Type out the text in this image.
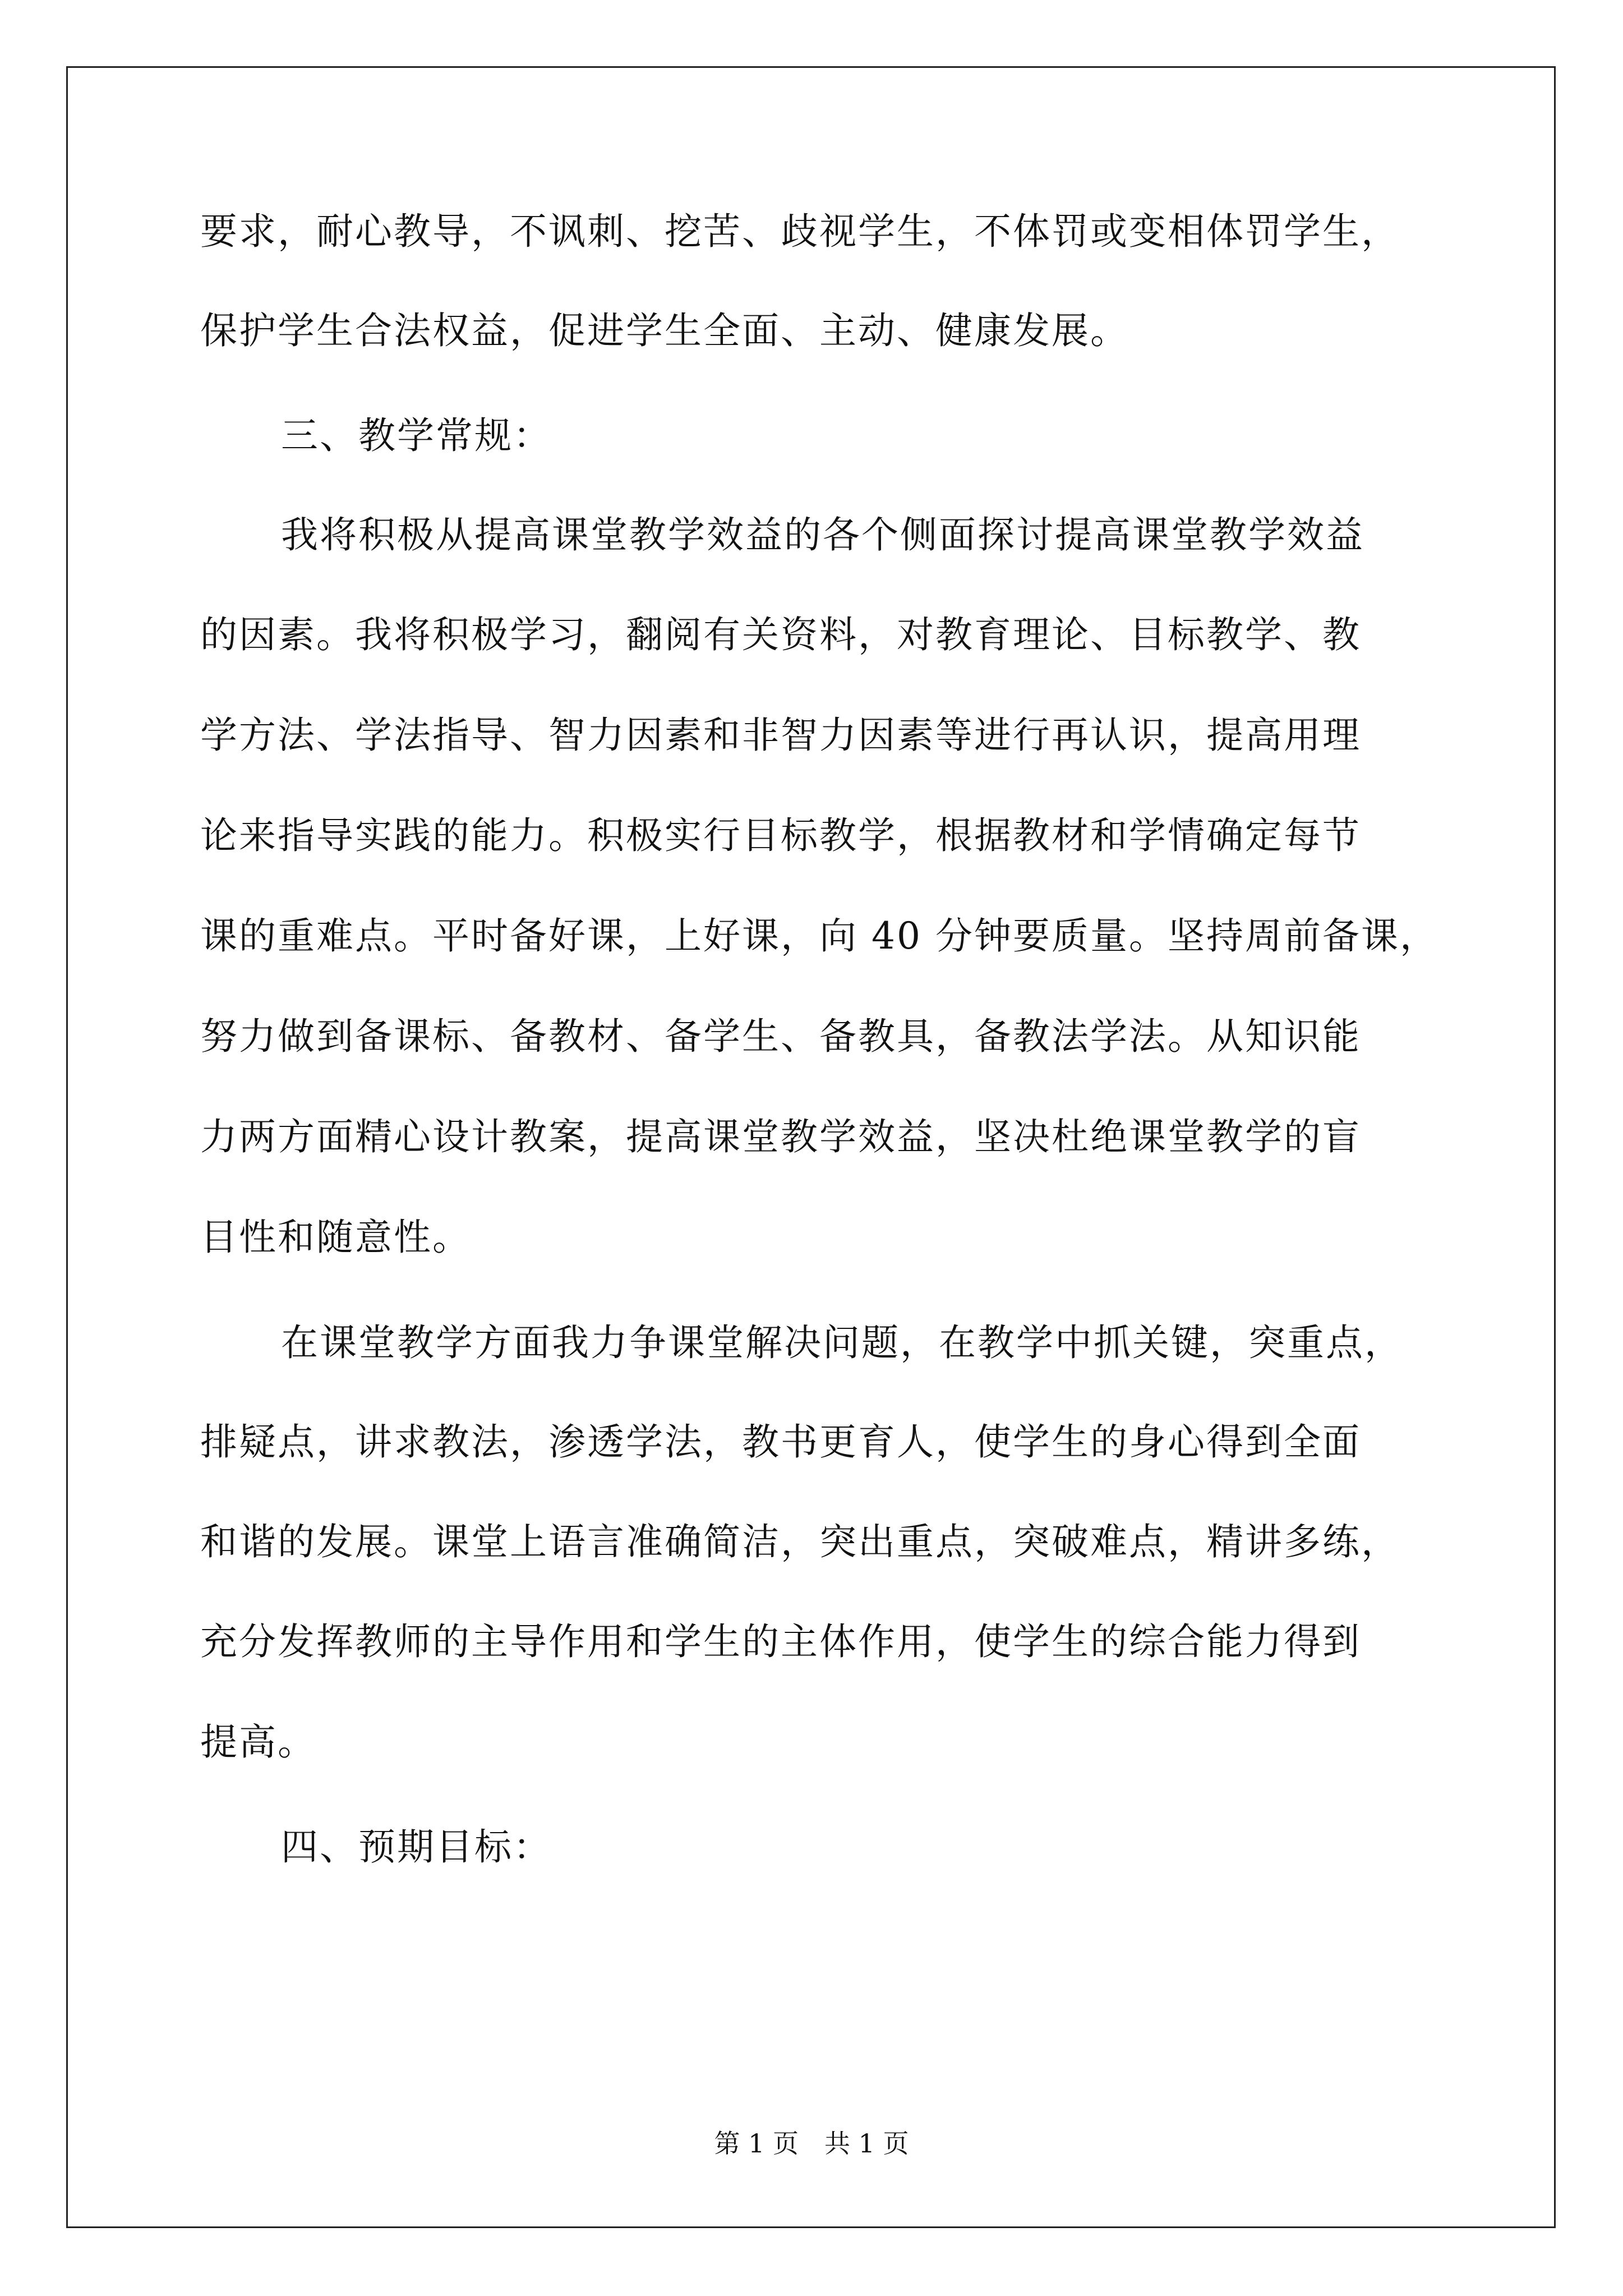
要求，耐心教导，不讽刺、挖苦、歧视学生，不体罚或变相体罚学生，
保护学生合法权益，促进学生全面、主动、健康发展。
三、教学常规：
我将积极从提高课堂教学效益的各个侧面探讨提高课堂教学效益
的因素。我将积极学习，翻阅有关资料，对教育理论、目标教学、教
学方法、学法指导、智力因素和非智力因素等进行再认识，提高用理
论来指导实践的能力。积极实行目标教学，根据教材和学情确定每节
课的重难点。平时备好课，上好课，向 40 分钟要质量。坚持周前备课，
努力做到备课标、备教材、备学生、备教具，备教法学法。从知识能
力两方面精心设计教案，提高课堂教学效益，坚决杜绝课堂教学的盲
目性和随意性。
在课堂教学方面我力争课堂解决问题，在教学中抓关键，突重点，
排疑点，讲求教法，渗透学法，教书更育人，使学生的身心得到全面
和谐的发展。课堂上语言准确简洁，突出重点，突破难点，精讲多练，
充分发挥教师的主导作用和学生的主体作用，使学生的综合能力得到
提高。
四、预期目标：
第 1 页　共 1 页
